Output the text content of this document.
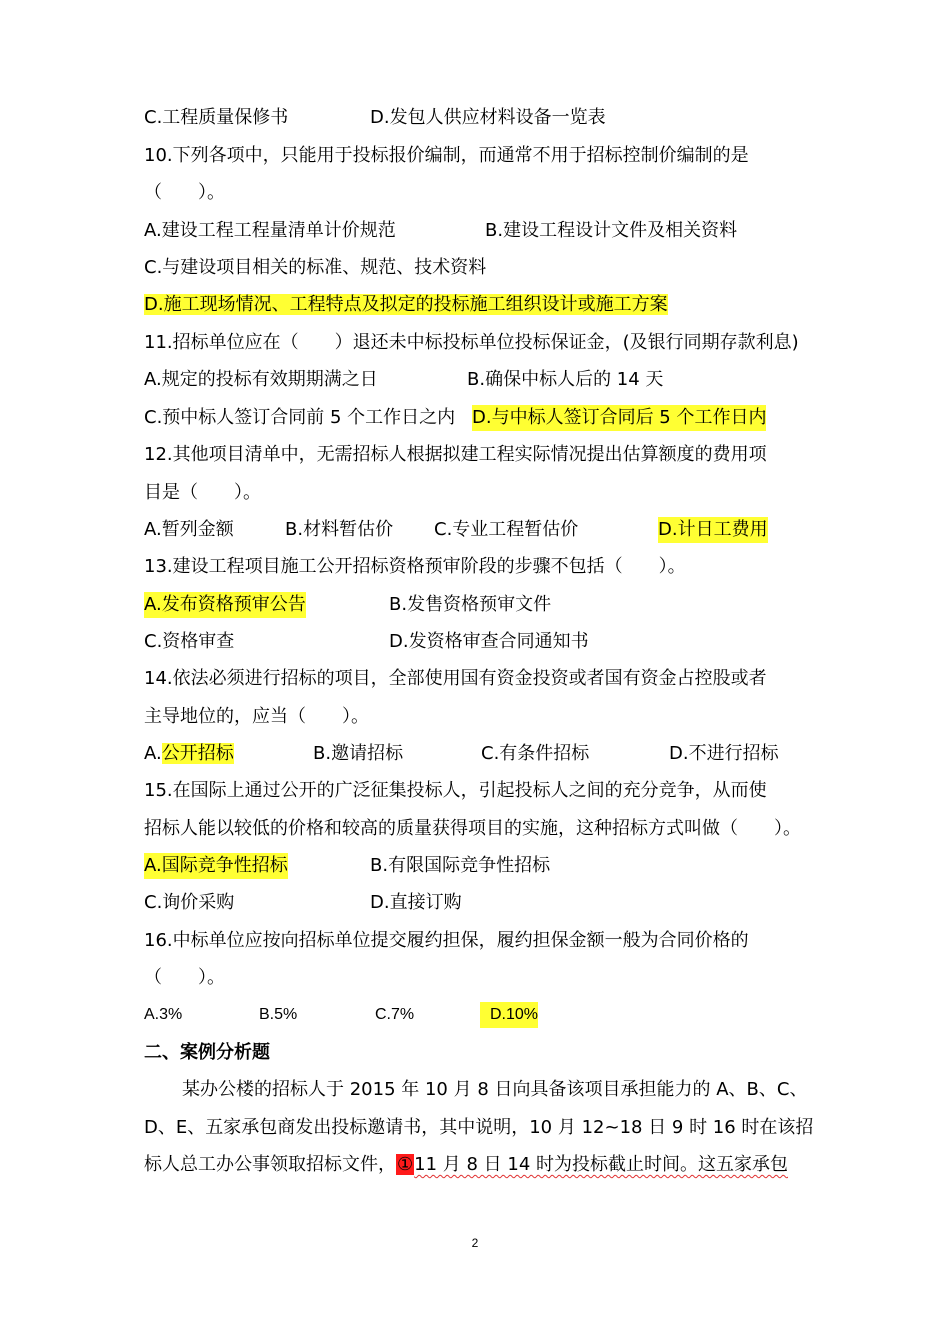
C.工程质量保修书	D.发包人供应材料设备一览表
10.下列各项中，只能用于投标报价编制，而通常不用于招标控制价编制的是
（　　）。
A.建设工程工程量清单计价规范	B.建设工程设计文件及相关资料
C.与建设项目相关的标准、规范、技术资料
D.施工现场情况、工程特点及拟定的投标施工组织设计或施工方案
11.招标单位应在（　　）退还未中标投标单位投标保证金，(及银行同期存款利息)
A.规定的投标有效期期满之日	B.确保中标人后的 14 天
C.预中标人签订合同前 5 个工作日之内 D.与中标人签订合同后 5 个工作日内
12.其他项目清单中，无需招标人根据拟建工程实际情况提出估算额度的费用项
目是（　　）。
A.暂列金额	B.材料暂估价 C.专业工程暂估价	D.计日工费用
13.建设工程项目施工公开招标资格预审阶段的步骤不包括（　　）。
A.发布资格预审公告	B.发售资格预审文件
C.资格审查	D.发资格审查合同通知书
14.依法必须进行招标的项目，全部使用国有资金投资或者国有资金占控股或者
主导地位的，应当（　　）。
A.公开招标	B.邀请招标	C.有条件招标	D.不进行招标
15.在国际上通过公开的广泛征集投标人，引起投标人之间的充分竞争，从而使
招标人能以较低的价格和较高的质量获得项目的实施，这种招标方式叫做（　　）。
A.国际竞争性招标	B.有限国际竞争性招标
C.询价采购	D.直接订购
16.中标单位应按向招标单位提交履约担保，履约担保金额一般为合同价格的
（　　）。
A.3%	B.5%	C.7%	D.10%
二、案例分析题
某办公楼的招标人于 2015 年 10 月 8 日向具备该项目承担能力的 A、B、C、
D、E、五家承包商发出投标邀请书，其中说明，10 月 12~18 日 9 时 16 时在该招
标人总工办公事领取招标文件，①11 月 8 日 14 时为投标截止时间。这五家承包
2
